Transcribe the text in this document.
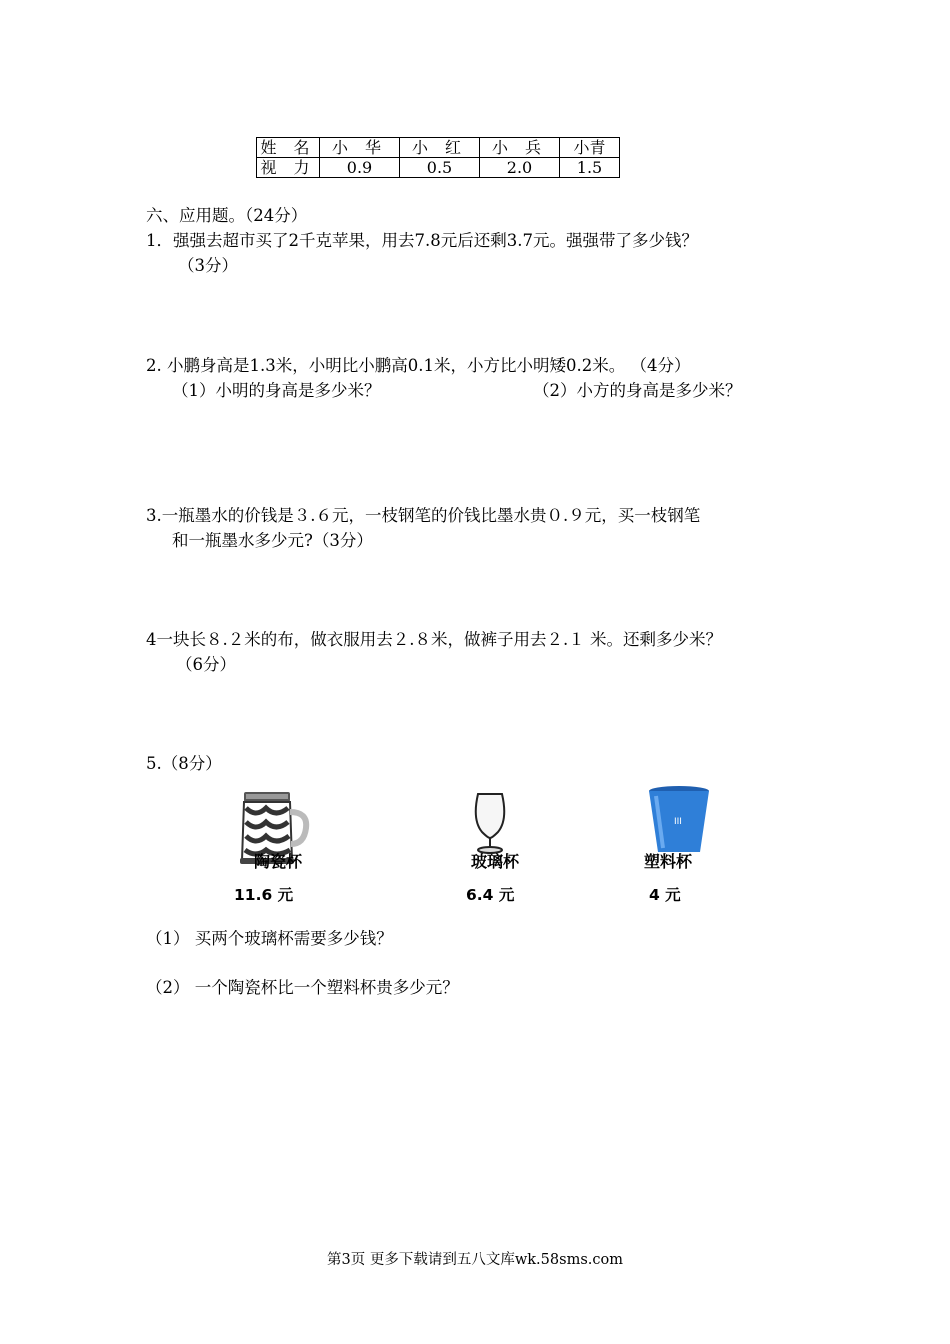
姓 名	小 华	小 红	小 兵	小青
视 力	0.9	0.5	2.0	1.5
六、应用题。（24分）
1．强强去超市买了2千克苹果，用去7.8元后还剩3.7元。强强带了多少钱？
（3分）
2. 小鹏身高是1.3米，小明比小鹏高0.1米，小方比小明矮0.2米。 （4分）
（1）小明的身高是多少米？	（2）小方的身高是多少米？
3.一瓶墨水的价钱是３.６元，一枝钢笔的价钱比墨水贵０.９元，买一枝钢笔
和一瓶墨水多少元?（3分）
4一块长８.２米的布，做衣服用去２.８米，做裤子用去２.１ 米。还剩多少米？
（6分）
5.（8分）
陶瓷杯
11.6 元
玻璃杯
6.4 元
III
塑料杯
4 元
（1） 买两个玻璃杯需要多少钱？
（2） 一个陶瓷杯比一个塑料杯贵多少元？
第3页 更多下载请到五八文库wk.58sms.com
